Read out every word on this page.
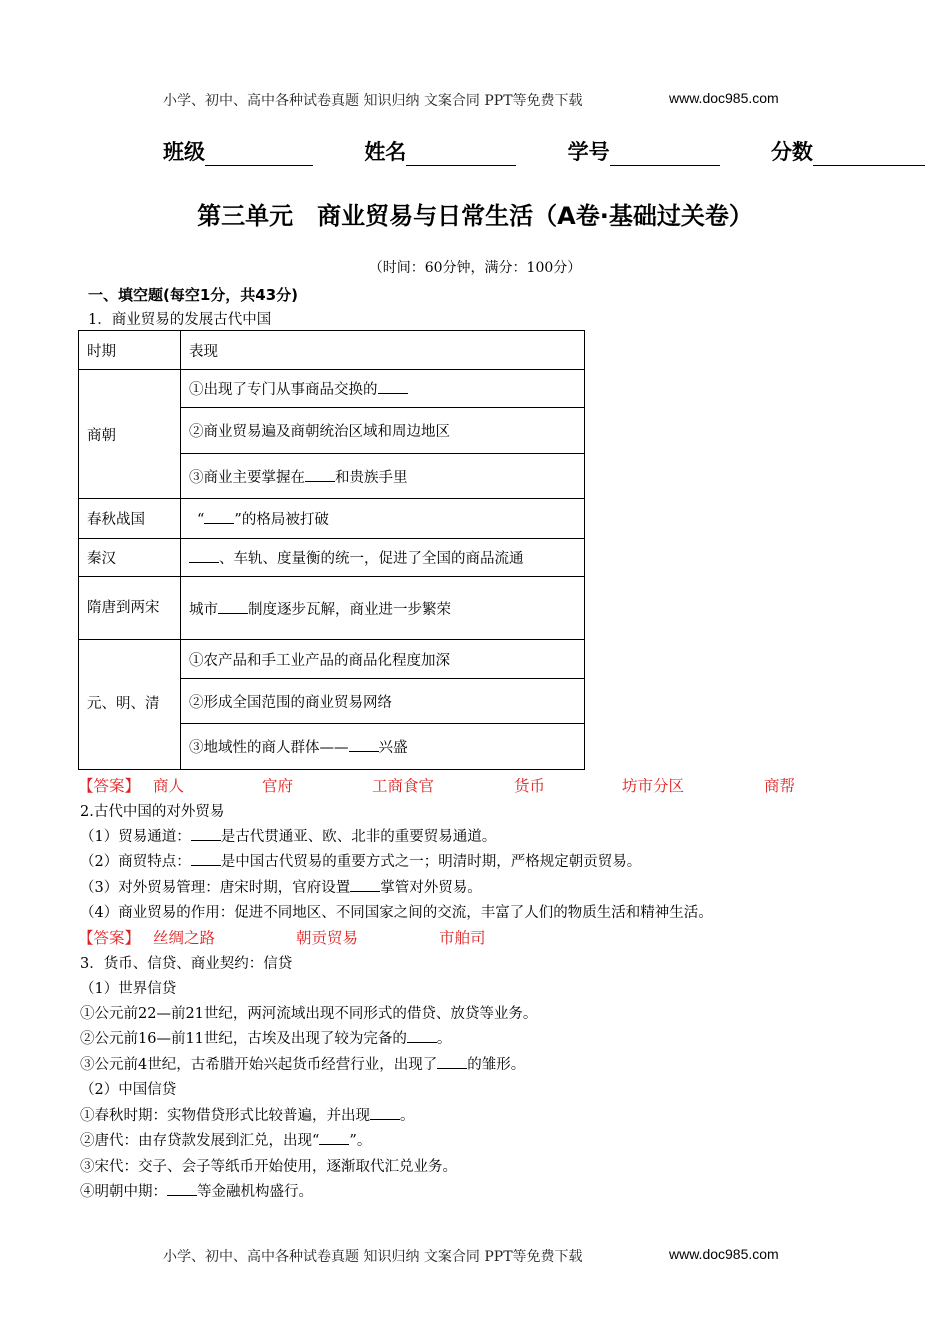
小学、初中、高中各种试卷真题 知识归纳 文案合同 PPT等免费下载	www.doc985.com
班级	姓名	学号	分数
第三单元　商业贸易与日常生活（A卷·基础过关卷）
（时间：60分钟，满分：100分）
一、填空题(每空1分，共43分)
1．商业贸易的发展古代中国
时期	表现
商朝	①出现了专门从事商品交换的
	②商业贸易遍及商朝统治区域和周边地区
	③商业主要掌握在 和贵族手里
春秋战国	“ ”的格局被打破
秦汉	、车轨、度量衡的统一，促进了全国的商品流通
隋唐到两宋	城市 制度逐步瓦解，商业进一步繁荣
元、明、清	①农产品和手工业产品的商品化程度加深
	②形成全国范围的商业贸易网络
	③地域性的商人群体—— 兴盛
【答案】 商人	官府	工商食官	货币	坊市分区	商帮
2.古代中国的对外贸易
（1）贸易通道： 是古代贯通亚、欧、北非的重要贸易通道。
（2）商贸特点： 是中国古代贸易的重要方式之一；明清时期，严格规定朝贡贸易。
（3）对外贸易管理：唐宋时期，官府设置 掌管对外贸易。
（4）商业贸易的作用：促进不同地区、不同国家之间的交流，丰富了人们的物质生活和精神生活。
【答案】 丝绸之路	朝贡贸易	市舶司
3．货币、信贷、商业契约：信贷
（1）世界信贷
①公元前22—前21世纪，两河流域出现不同形式的借贷、放贷等业务。
②公元前16—前11世纪，古埃及出现了较为完备的 。
③公元前4世纪，古希腊开始兴起货币经营行业，出现了 的雏形。
（2）中国信贷
①春秋时期：实物借贷形式比较普遍，并出现 。
②唐代：由存贷款发展到汇兑，出现“ ”。
③宋代：交子、会子等纸币开始使用，逐渐取代汇兑业务。
④明朝中期： 等金融机构盛行。
小学、初中、高中各种试卷真题 知识归纳 文案合同 PPT等免费下载	www.doc985.com
